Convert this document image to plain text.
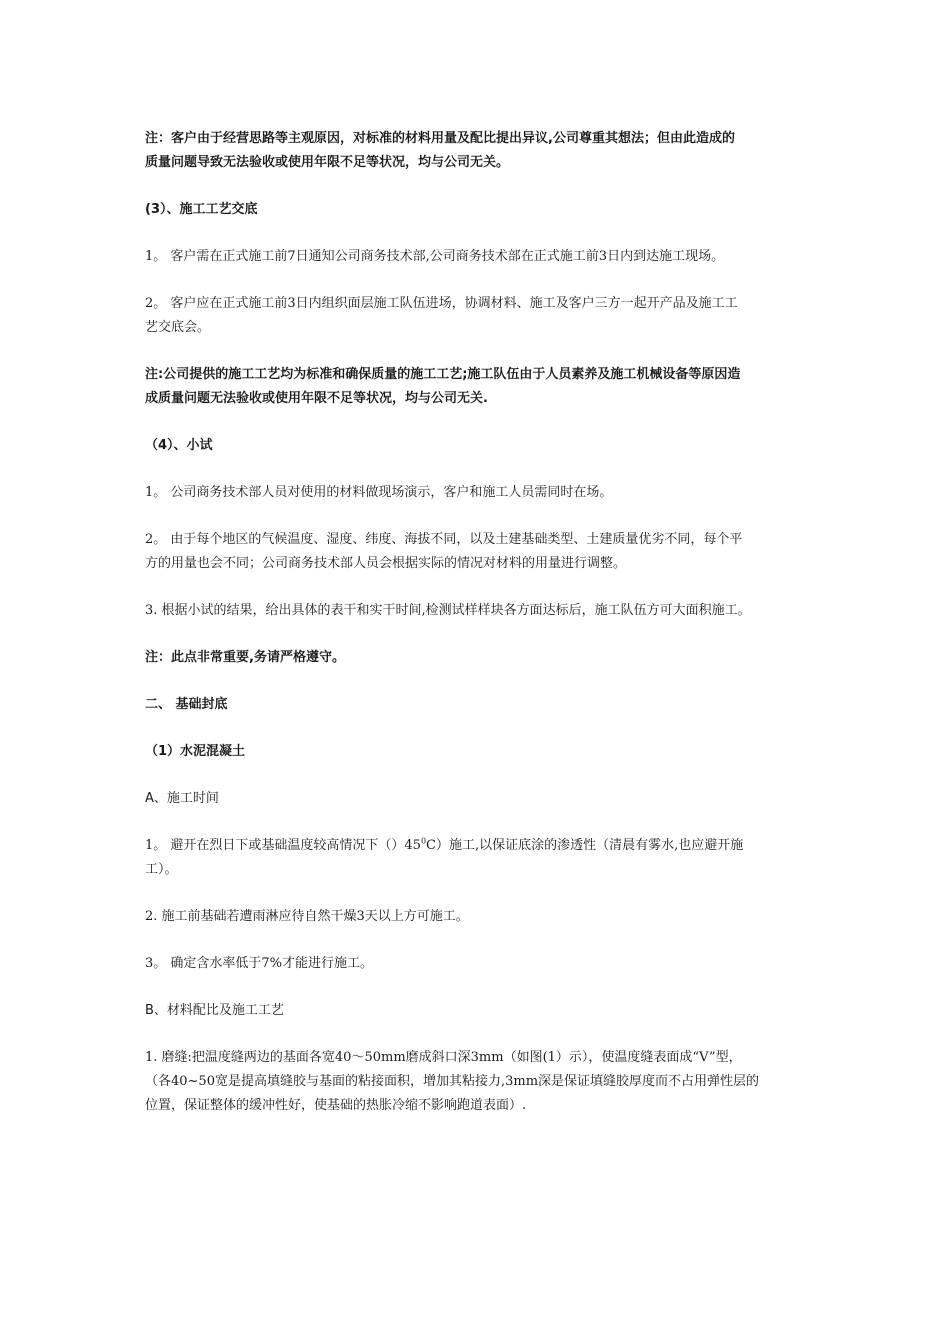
注：客户由于经营思路等主观原因，对标准的材料用量及配比提出异议,公司尊重其想法；但由此造成的
质量问题导致无法验收或使用年限不足等状况，均与公司无关。

(3）、施工工艺交底

1。 客户需在正式施工前7日通知公司商务技术部,公司商务技术部在正式施工前3日内到达施工现场。

2。 客户应在正式施工前3日内组织面层施工队伍进场，协调材料、施工及客户三方一起开产品及施工工
艺交底会。

注:公司提供的施工工艺均为标准和确保质量的施工工艺;施工队伍由于人员素养及施工机械设备等原因造
成质量问题无法验收或使用年限不足等状况，均与公司无关.

（4）、小试

1。 公司商务技术部人员对使用的材料做现场演示，客户和施工人员需同时在场。

2。 由于每个地区的气候温度、湿度、纬度、海拔不同，以及土建基础类型、土建质量优劣不同，每个平
方的用量也会不同；公司商务技术部人员会根据实际的情况对材料的用量进行调整。

3. 根据小试的结果，给出具体的表干和实干时间,检测试样样块各方面达标后，施工队伍方可大面积施工。

注：此点非常重要,务请严格遵守。

二、 基础封底

（1）水泥混凝土

A、施工时间

1。 避开在烈日下或基础温度较高情况下$()45^0C$）施工,以保证底涂的渗透性（清晨有雾水,也应避开施
工）。

2. 施工前基础若遭雨淋应待自然干燥3天以上方可施工。

3。 确定含水率低于7%才能进行施工。

B、材料配比及施工工艺

1. 磨缝:把温度缝两边的基面各宽40～50mm磨成斜口深3mm（如图(1）示），使温度缝表面成“V”型，
（各40~50宽是提高填缝胶与基面的粘接面积，增加其粘接力,3mm深是保证填缝胶厚度而不占用弹性层的
位置，保证整体的缓冲性好，使基础的热胀冷缩不影响跑道表面）.
